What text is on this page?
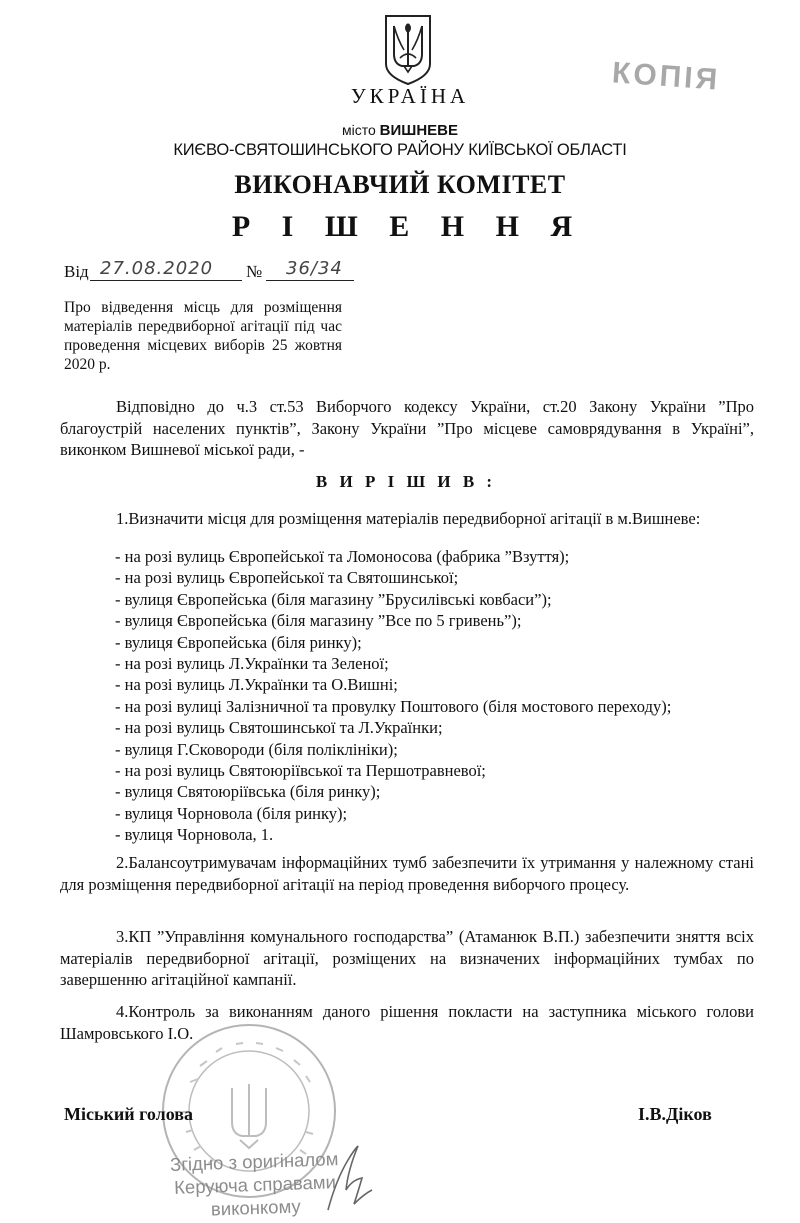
УКРАЇНА	КОПІЯ
місто ВИШНЕВЕ
КИЄВО-СВЯТОШИНСЬКОГО РАЙОНУ КИЇВСЬКОЇ ОБЛАСТІ
ВИКОНАВЧИЙ КОМІТЕТ
Р І Ш Е Н Н Я
Від 27.08.2020 № 36/34
Про відведення місць для розміщення матеріалів передвиборної агітації під час проведення місцевих виборів 25 жовтня 2020 р.
Відповідно до ч.3 ст.53 Виборчого кодексу України, ст.20 Закону України ”Про благоустрій населених пунктів”, Закону України ”Про місцеве самоврядування в Україні”, виконком Вишневої міської ради, -
В И Р І Ш И В :
1.Визначити місця для розміщення матеріалів передвиборної агітації в м.Вишневе:
- на розі вулиць Європейської та Ломоносова (фабрика ”Взуття);
- на розі вулиць Європейської та Святошинської;
- вулиця Європейська (біля магазину ”Брусилівські ковбаси”);
- вулиця Європейська (біля магазину ”Все по 5 гривень”);
- вулиця Європейська (біля ринку);
- на розі вулиць Л.Українки та Зеленої;
- на розі вулиць Л.Українки та О.Вишні;
- на розі вулиці Залізничної та провулку Поштового (біля мостового переходу);
- на розі вулиць Святошинської та Л.Українки;
- вулиця Г.Сковороди (біля поліклініки);
- на розі вулиць Святоюріївської та Першотравневої;
- вулиця Святоюріївська (біля ринку);
- вулиця Чорновола (біля ринку);
- вулиця Чорновола, 1.
2.Балансоутримувачам інформаційних тумб забезпечити їх утримання у належному стані для розміщення передвиборної агітації на період проведення виборчого процесу.
3.КП ”Управління комунального господарства” (Атаманюк В.П.) забезпечити зняття всіх матеріалів передвиборної агітації, розміщених на визначених інформаційних тумбах по завершенню агітаційної кампанії.
4.Контроль за виконанням даного рішення покласти на заступника міського голови Шамровського І.О.
Міський голова	І.В.Діков
Згідно з оригіналом
Керуюча справами
виконкому
